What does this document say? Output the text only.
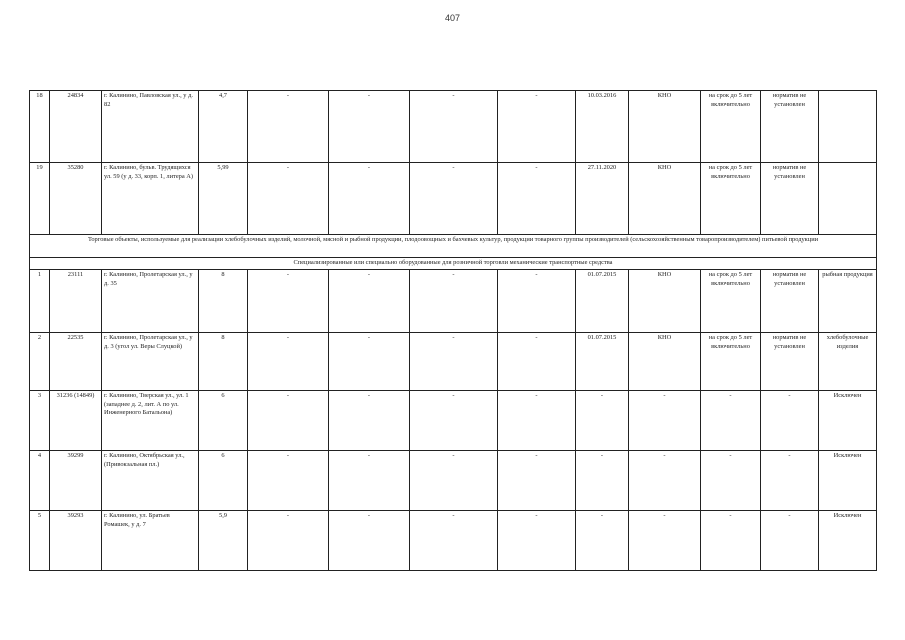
407
18	24834	г. Калинино, Павловская ул., у д. 82	4,7	-	-	-	-	10.03.2016	КНО	на срок до 5 лет включительно	норматив не установлен	
19	35280	г. Калинино, бульв. Трудящихся ул. 59 (у д. 33, корп. 1, литера А)	5,99	-	-	-	-	27.11.2020	КНО	на срок до 5 лет включительно	норматив не установлен	
Торговые объекты, используемые для реализации хлебобулочных изделий, молочной, мясной и рыбной продукции, плодоовощных и бахчевых культур, продукции товарного группы производителей (сельскохозяйственным товаропроизводителем) питьевой продукции												
Специализированные или специально оборудованные для розничной торговли механические транспортные средства												
1	23111	г. Калинино, Пролетарская ул., у д. 35	8	-	-	-	-	01.07.2015	КНО	на срок до 5 лет включительно	норматив не установлен	рыбная продукция
2	22535	г. Калинино, Пролетарская ул., у д. 3 (угол ул. Веры Слуцкой)	8	-	-	-	-	01.07.2015	КНО	на срок до 5 лет включительно	норматив не установлен	хлебобулочные изделия
3	31236 (14849)	г. Калинино, Тверская ул., ул. 1 (западнее д. 2, лит. А по ул. Инженерного Батальона)	6	-	-	-	-	-	-	-	-	Исключен
4	39299	г. Калинино, Октябрьская ул., (Привокзальная пл.)	6	-	-	-	-	-	-	-	-	Исключен
5	39293	г. Калинино, ул. Братьев Ромашек, у д. 7	5,9	-	-	-	-	-	-	-	-	Исключен
